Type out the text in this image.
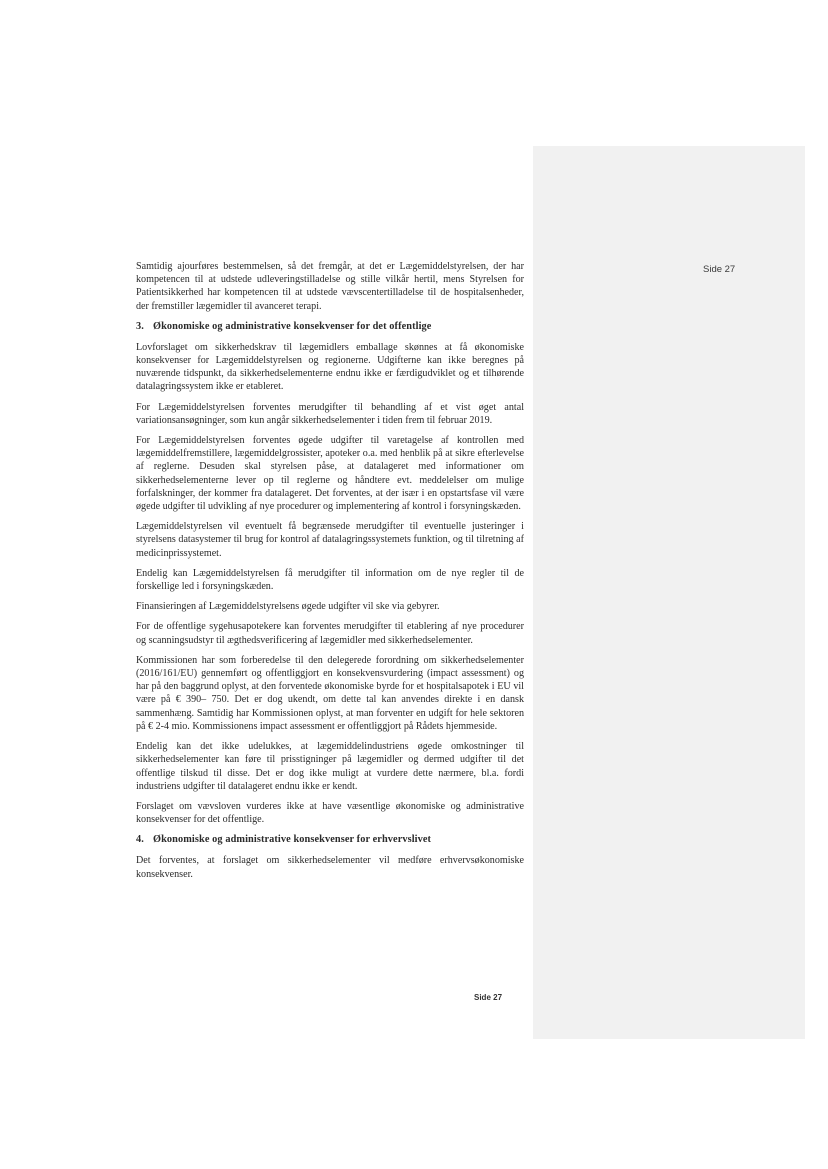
Side 27

Samtidig ajourføres bestemmelsen, så det fremgår, at det er Lægemiddelstyrelsen, der har kompetencen til at udstede udleveringstilladelse og stille vilkår hertil, mens Styrelsen for Patientsikkerhed har kompetencen til at udstede vævscentertilladelse til de hospitalsenheder, der fremstiller lægemidler til avanceret terapi.

3. Økonomiske og administrative konsekvenser for det offentlige

Lovforslaget om sikkerhedskrav til lægemidlers emballage skønnes at få økonomiske konsekvenser for Lægemiddelstyrelsen og regionerne. Udgifterne kan ikke beregnes på nuværende tidspunkt, da sikkerhedselementerne endnu ikke er færdigudviklet og et tilhørende datalagringssystem ikke er etableret.

For Lægemiddelstyrelsen forventes merudgifter til behandling af et vist øget antal variationsansøgninger, som kun angår sikkerhedselementer i tiden frem til februar 2019.

For Lægemiddelstyrelsen forventes øgede udgifter til varetagelse af kontrollen med lægemiddelfremstillere, lægemiddelgrossister, apoteker o.a. med henblik på at sikre efterlevelse af reglerne. Desuden skal styrelsen påse, at datalageret med informationer om sikkerhedselementerne lever op til reglerne og håndtere evt. meddelelser om mulige forfalskninger, der kommer fra datalageret. Det forventes, at der især i en opstartsfase vil være øgede udgifter til udvikling af nye procedurer og implementering af kontrol i forsyningskæden.

Lægemiddelstyrelsen vil eventuelt få begrænsede merudgifter til eventuelle justeringer i styrelsens datasystemer til brug for kontrol af datalagringssystemets funktion, og til tilretning af medicinprissystemet.

Endelig kan Lægemiddelstyrelsen få merudgifter til information om de nye regler til de forskellige led i forsyningskæden.

Finansieringen af Lægemiddelstyrelsens øgede udgifter vil ske via gebyrer.

For de offentlige sygehusapotekere kan forventes merudgifter til etablering af nye procedurer og scanningsudstyr til ægthedsverificering af lægemidler med sikkerhedselementer.

Kommissionen har som forberedelse til den delegerede forordning om sikkerhedselementer (2016/161/EU) gennemført og offentliggjort en konsekvensvurdering (impact assessment) og har på den baggrund oplyst, at den forventede økonomiske byrde for et hospitalsapotek i EU vil være på € 390– 750. Det er dog ukendt, om dette tal kan anvendes direkte i en dansk sammenhæng. Samtidig har Kommissionen oplyst, at man forventer en udgift for hele sektoren på € 2-4 mio. Kommissionens impact assessment er offentliggjort på Rådets hjemmeside.

Endelig kan det ikke udelukkes, at lægemiddelindustriens øgede omkostninger til sikkerhedselementer kan føre til prisstigninger på lægemidler og dermed udgifter til det offentlige tilskud til disse. Det er dog ikke muligt at vurdere dette nærmere, bl.a. fordi industriens udgifter til datalageret endnu ikke er kendt.

Forslaget om vævsloven vurderes ikke at have væsentlige økonomiske og administrative konsekvenser for det offentlige.

4. Økonomiske og administrative konsekvenser for erhvervslivet

Det forventes, at forslaget om sikkerhedselementer vil medføre erhvervsøkonomiske konsekvenser.

Side 27
